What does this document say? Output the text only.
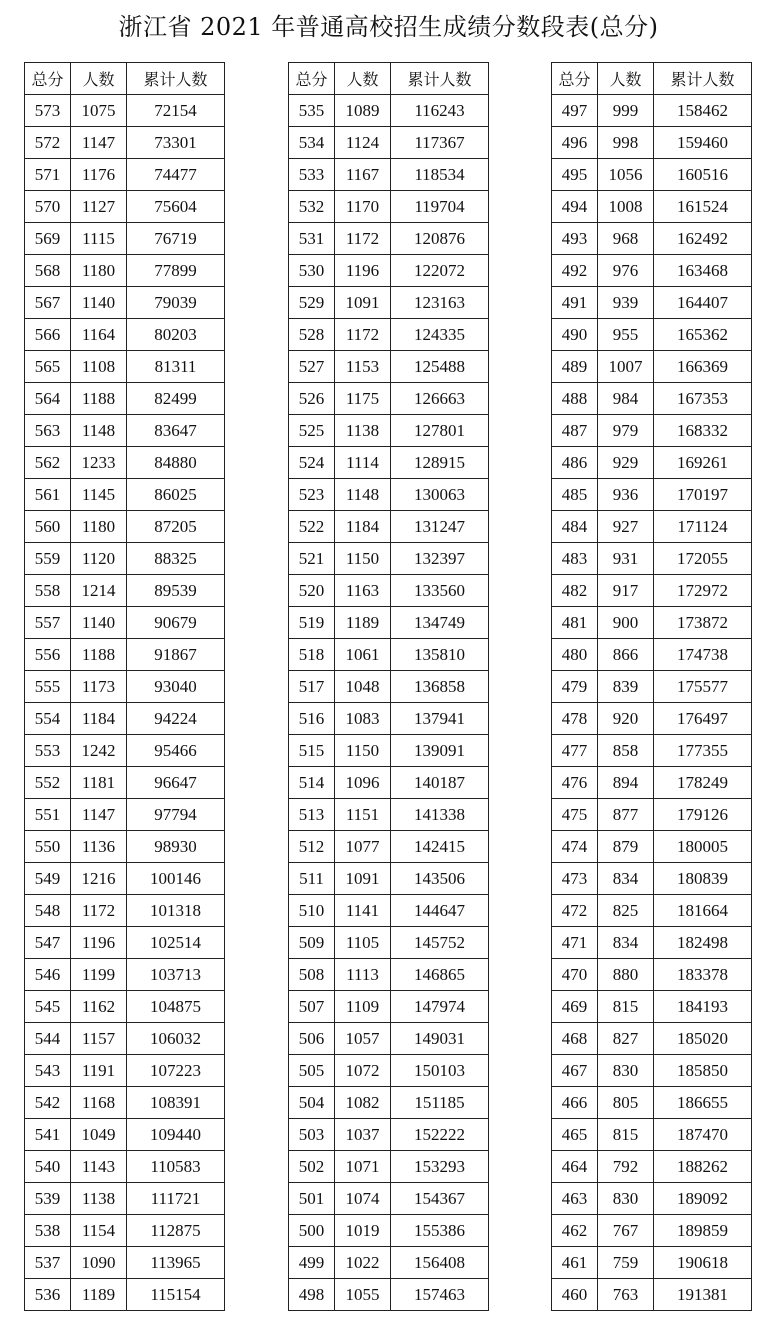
浙江省 2021 年普通高校招生成绩分数段表(总分)
总分	人数	累计人数
573	1075	72154
572	1147	73301
571	1176	74477
570	1127	75604
569	1115	76719
568	1180	77899
567	1140	79039
566	1164	80203
565	1108	81311
564	1188	82499
563	1148	83647
562	1233	84880
561	1145	86025
560	1180	87205
559	1120	88325
558	1214	89539
557	1140	90679
556	1188	91867
555	1173	93040
554	1184	94224
553	1242	95466
552	1181	96647
551	1147	97794
550	1136	98930
549	1216	100146
548	1172	101318
547	1196	102514
546	1199	103713
545	1162	104875
544	1157	106032
543	1191	107223
542	1168	108391
541	1049	109440
540	1143	110583
539	1138	111721
538	1154	112875
537	1090	113965
536	1189	115154
总分	人数	累计人数
535	1089	116243
534	1124	117367
533	1167	118534
532	1170	119704
531	1172	120876
530	1196	122072
529	1091	123163
528	1172	124335
527	1153	125488
526	1175	126663
525	1138	127801
524	1114	128915
523	1148	130063
522	1184	131247
521	1150	132397
520	1163	133560
519	1189	134749
518	1061	135810
517	1048	136858
516	1083	137941
515	1150	139091
514	1096	140187
513	1151	141338
512	1077	142415
511	1091	143506
510	1141	144647
509	1105	145752
508	1113	146865
507	1109	147974
506	1057	149031
505	1072	150103
504	1082	151185
503	1037	152222
502	1071	153293
501	1074	154367
500	1019	155386
499	1022	156408
498	1055	157463
总分	人数	累计人数
497	999	158462
496	998	159460
495	1056	160516
494	1008	161524
493	968	162492
492	976	163468
491	939	164407
490	955	165362
489	1007	166369
488	984	167353
487	979	168332
486	929	169261
485	936	170197
484	927	171124
483	931	172055
482	917	172972
481	900	173872
480	866	174738
479	839	175577
478	920	176497
477	858	177355
476	894	178249
475	877	179126
474	879	180005
473	834	180839
472	825	181664
471	834	182498
470	880	183378
469	815	184193
468	827	185020
467	830	185850
466	805	186655
465	815	187470
464	792	188262
463	830	189092
462	767	189859
461	759	190618
460	763	191381
